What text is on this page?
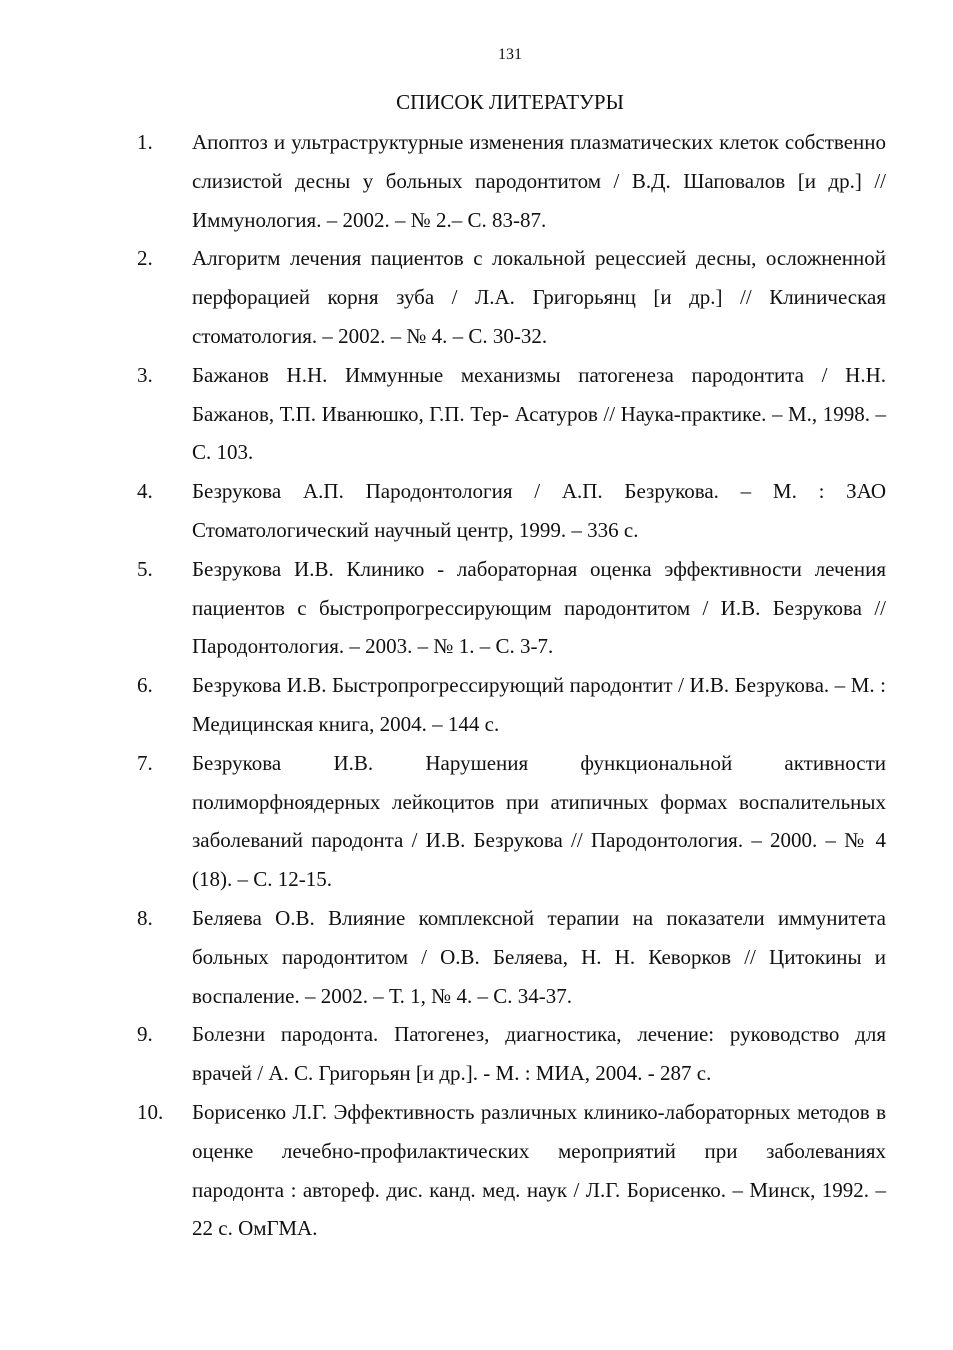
131
СПИСОК ЛИТЕРАТУРЫ
1. Апоптоз и ультраструктурные изменения плазматических клеток собственно слизистой десны у больных пародонтитом / В.Д. Шаповалов [и др.] // Иммунология. – 2002. – № 2.– С. 83-87.
2. Алгоритм лечения пациентов с локальной рецессией десны, осложненной перфорацией корня зуба / Л.А. Григорьянц [и др.] // Клиническая стоматология. – 2002. – № 4. – С. 30-32.
3. Бажанов Н.Н. Иммунные механизмы патогенеза пародонтита / Н.Н. Бажанов, Т.П. Иванюшко, Г.П. Тер- Асатуров // Наука-практике. – М., 1998. – С. 103.
4. Безрукова А.П. Пародонтология / А.П. Безрукова. – М. : ЗАО Стоматологический научный центр, 1999. – 336 с.
5. Безрукова И.В. Клинико - лабораторная оценка эффективности лечения пациентов с быстропрогрессирующим пародонтитом / И.В. Безрукова // Пародонтология. – 2003. – № 1. – С. 3-7.
6. Безрукова И.В. Быстропрогрессирующий пародонтит / И.В. Безрукова. – М. : Медицинская книга, 2004. – 144 с.
7. Безрукова И.В. Нарушения функциональной активности полиморфноядерных лейкоцитов при атипичных формах воспалительных заболеваний пародонта / И.В. Безрукова // Пародонтология. – 2000. – № 4 (18). – С. 12-15.
8. Беляева О.В. Влияние комплексной терапии на показатели иммунитета больных пародонтитом / О.В. Беляева, Н. Н. Кеворков // Цитокины и воспаление. – 2002. – Т. 1, № 4. – С. 34-37.
9. Болезни пародонта. Патогенез, диагностика, лечение: руководство для врачей / А. С. Григорьян [и др.]. - М. : МИА, 2004. - 287 с.
10. Борисенко Л.Г. Эффективность различных клинико-лабораторных методов в оценке лечебно-профилактических мероприятий при заболеваниях пародонта : автореф. дис. канд. мед. наук / Л.Г. Борисенко. – Минск, 1992. – 22 с. ОмГМА.
